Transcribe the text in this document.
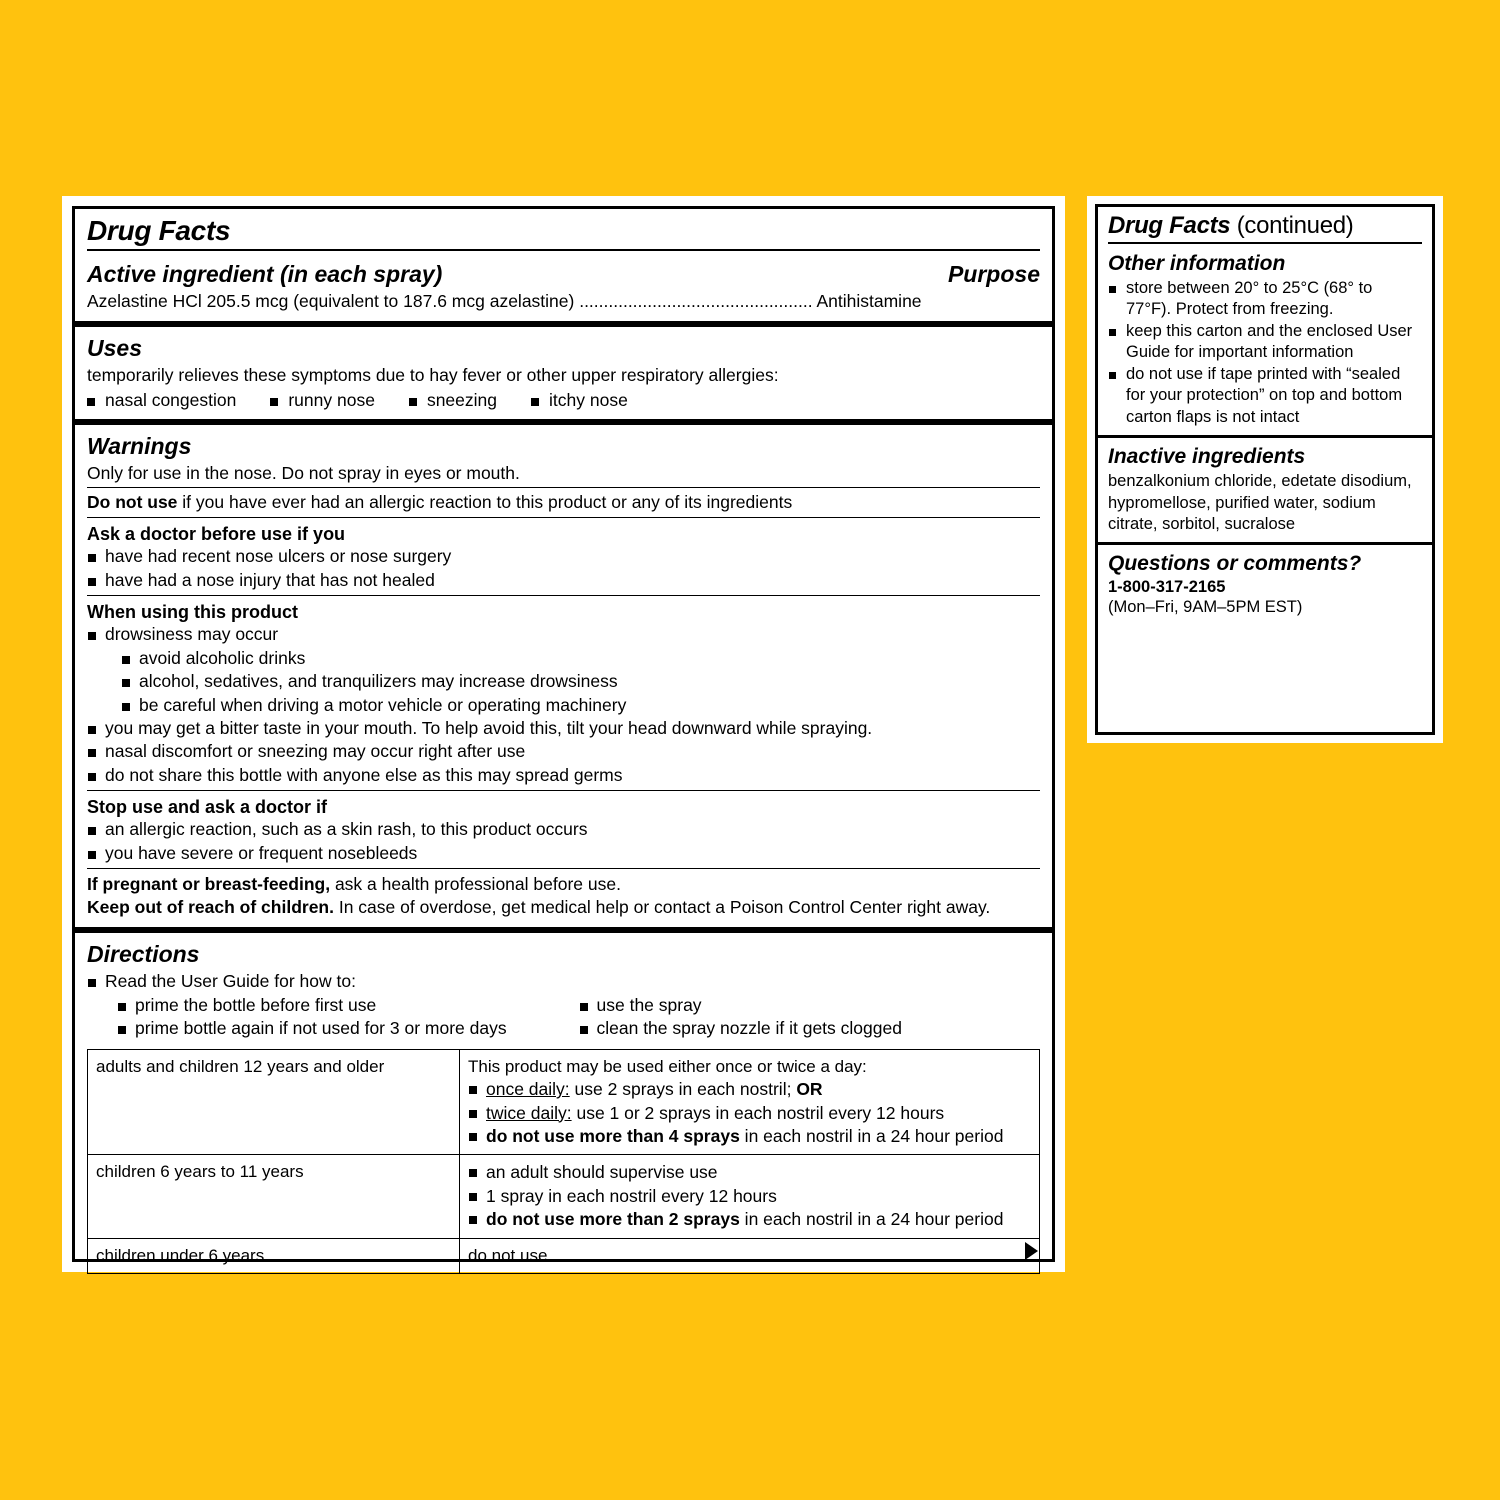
Drug Facts
Active ingredient (in each spray)	Purpose
Azelastine HCl 205.5 mcg (equivalent to 187.6 mcg azelastine) ................................................ Antihistamine
Uses
temporarily relieves these symptoms due to hay fever or other upper respiratory allergies:
nasal congestion	runny nose	sneezing	itchy nose
Warnings
Only for use in the nose. Do not spray in eyes or mouth.
Do not use if you have ever had an allergic reaction to this product or any of its ingredients
Ask a doctor before use if you
have had recent nose ulcers or nose surgery
have had a nose injury that has not healed
When using this product
drowsiness may occur
avoid alcoholic drinks
alcohol, sedatives, and tranquilizers may increase drowsiness
be careful when driving a motor vehicle or operating machinery
you may get a bitter taste in your mouth. To help avoid this, tilt your head downward while spraying.
nasal discomfort or sneezing may occur right after use
do not share this bottle with anyone else as this may spread germs
Stop use and ask a doctor if
an allergic reaction, such as a skin rash, to this product occurs
you have severe or frequent nosebleeds
If pregnant or breast-feeding, ask a health professional before use.
Keep out of reach of children. In case of overdose, get medical help or contact a Poison Control Center right away.
Directions
Read the User Guide for how to:
prime the bottle before first use
prime bottle again if not used for 3 or more days
use the spray
clean the spray nozzle if it gets clogged
adults and children 12 years and older	This product may be used either once or twice a day:
once daily: use 2 sprays in each nostril; OR
twice daily: use 1 or 2 sprays in each nostril every 12 hours
do not use more than 4 sprays in each nostril in a 24 hour period

children 6 years to 11 years	an adult should supervise use
1 spray in each nostril every 12 hours
do not use more than 2 sprays in each nostril in a 24 hour period

children under 6 years	do not use
Drug Facts (continued)
Other information
store between 20° to 25°C (68° to 77°F). Protect from freezing.
keep this carton and the enclosed User Guide for important information
do not use if tape printed with “sealed for your protection” on top and bottom carton flaps is not intact
Inactive ingredients
benzalkonium chloride, edetate disodium, hypromellose, purified water, sodium citrate, sorbitol, sucralose
Questions or comments?
1-800-317-2165
(Mon–Fri, 9AM–5PM EST)
